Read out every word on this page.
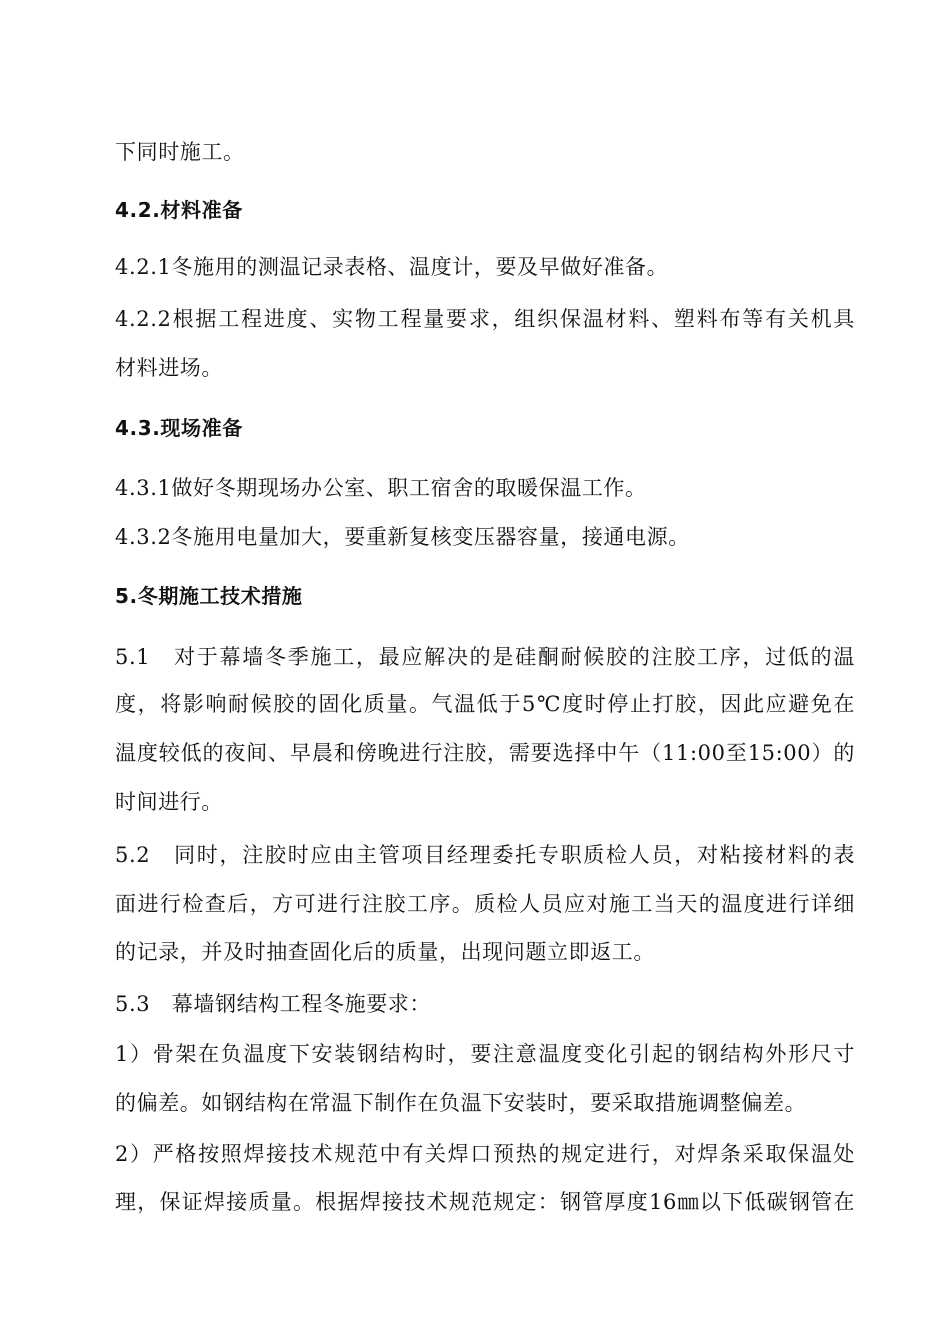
下同时施工。
4.2.材料准备
4.2.1冬施用的测温记录表格、温度计，要及早做好准备。
4.2.2根据工程进度、实物工程量要求，组织保温材料、塑料布等有关机具
材料进场。
4.3.现场准备
4.3.1做好冬期现场办公室、职工宿舍的取暖保温工作。
4.3.2冬施用电量加大，要重新复核变压器容量，接通电源。
5.冬期施工技术措施
5.1　对于幕墙冬季施工，最应解决的是硅酮耐候胶的注胶工序，过低的温
度，将影响耐候胶的固化质量。气温低于5℃度时停止打胶，因此应避免在
温度较低的夜间、早晨和傍晚进行注胶，需要选择中午（11:00至15:00）的
时间进行。
5.2　同时，注胶时应由主管项目经理委托专职质检人员，对粘接材料的表
面进行检查后，方可进行注胶工序。质检人员应对施工当天的温度进行详细
的记录，并及时抽查固化后的质量，出现问题立即返工。
5.3　幕墙钢结构工程冬施要求：
1）骨架在负温度下安装钢结构时，要注意温度变化引起的钢结构外形尺寸
的偏差。如钢结构在常温下制作在负温下安装时，要采取措施调整偏差。
2）严格按照焊接技术规范中有关焊口预热的规定进行，对焊条采取保温处
理，保证焊接质量。根据焊接技术规范规定：钢管厚度16㎜以下低碳钢管在
